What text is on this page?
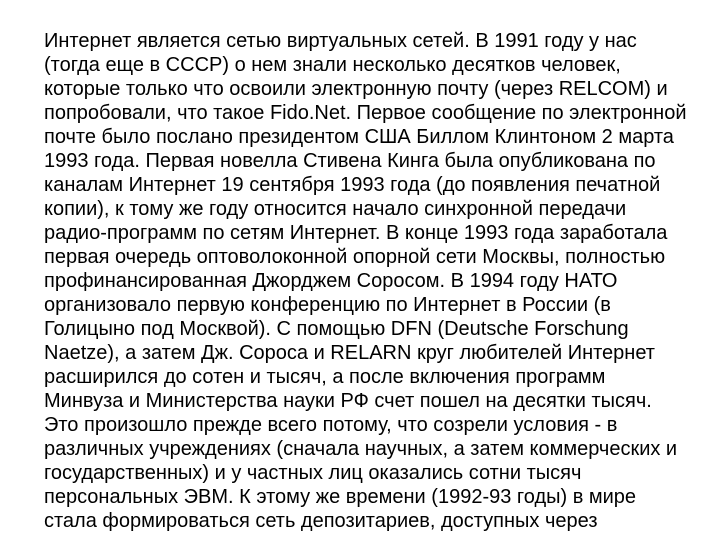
Интернет является сетью виртуальных сетей. В 1991 году у нас
(тогда еще в СССР) о нем знали несколько десятков человек,
которые только что освоили электронную почту (через RELCOM) и
попробовали, что такое Fido.Net. Первое сообщение по электронной
почте было послано президентом США Биллом Клинтоном 2 марта
1993 года. Первая новелла Стивена Кинга была опубликована по
каналам Интернет 19 сентября 1993 года (до появления печатной
копии), к тому же году относится начало синхронной передачи
радио-программ по сетям Интернет. В конце 1993 года заработала
первая очередь оптоволоконной опорной сети Москвы, полностью
профинансированная Джорджем Соросом. В 1994 году НАТО
организовало первую конференцию по Интернет в России (в
Голицыно под Москвой). С помощью DFN (Deutsche Forschung
Naetze), а затем Дж. Сороса и RELARN круг любителей Интернет
расширился до сотен и тысяч, а после включения программ
Минвуза и Министерства науки РФ счет пошел на десятки тысяч.
Это произошло прежде всего потому, что созрели условия - в
различных учреждениях (сначала научных, а затем коммерческих и
государственных) и у частных лиц оказались сотни тысяч
персональных ЭВМ. К этому же времени (1992-93 годы) в мире
стала формироваться сеть депозитариев, доступных через
